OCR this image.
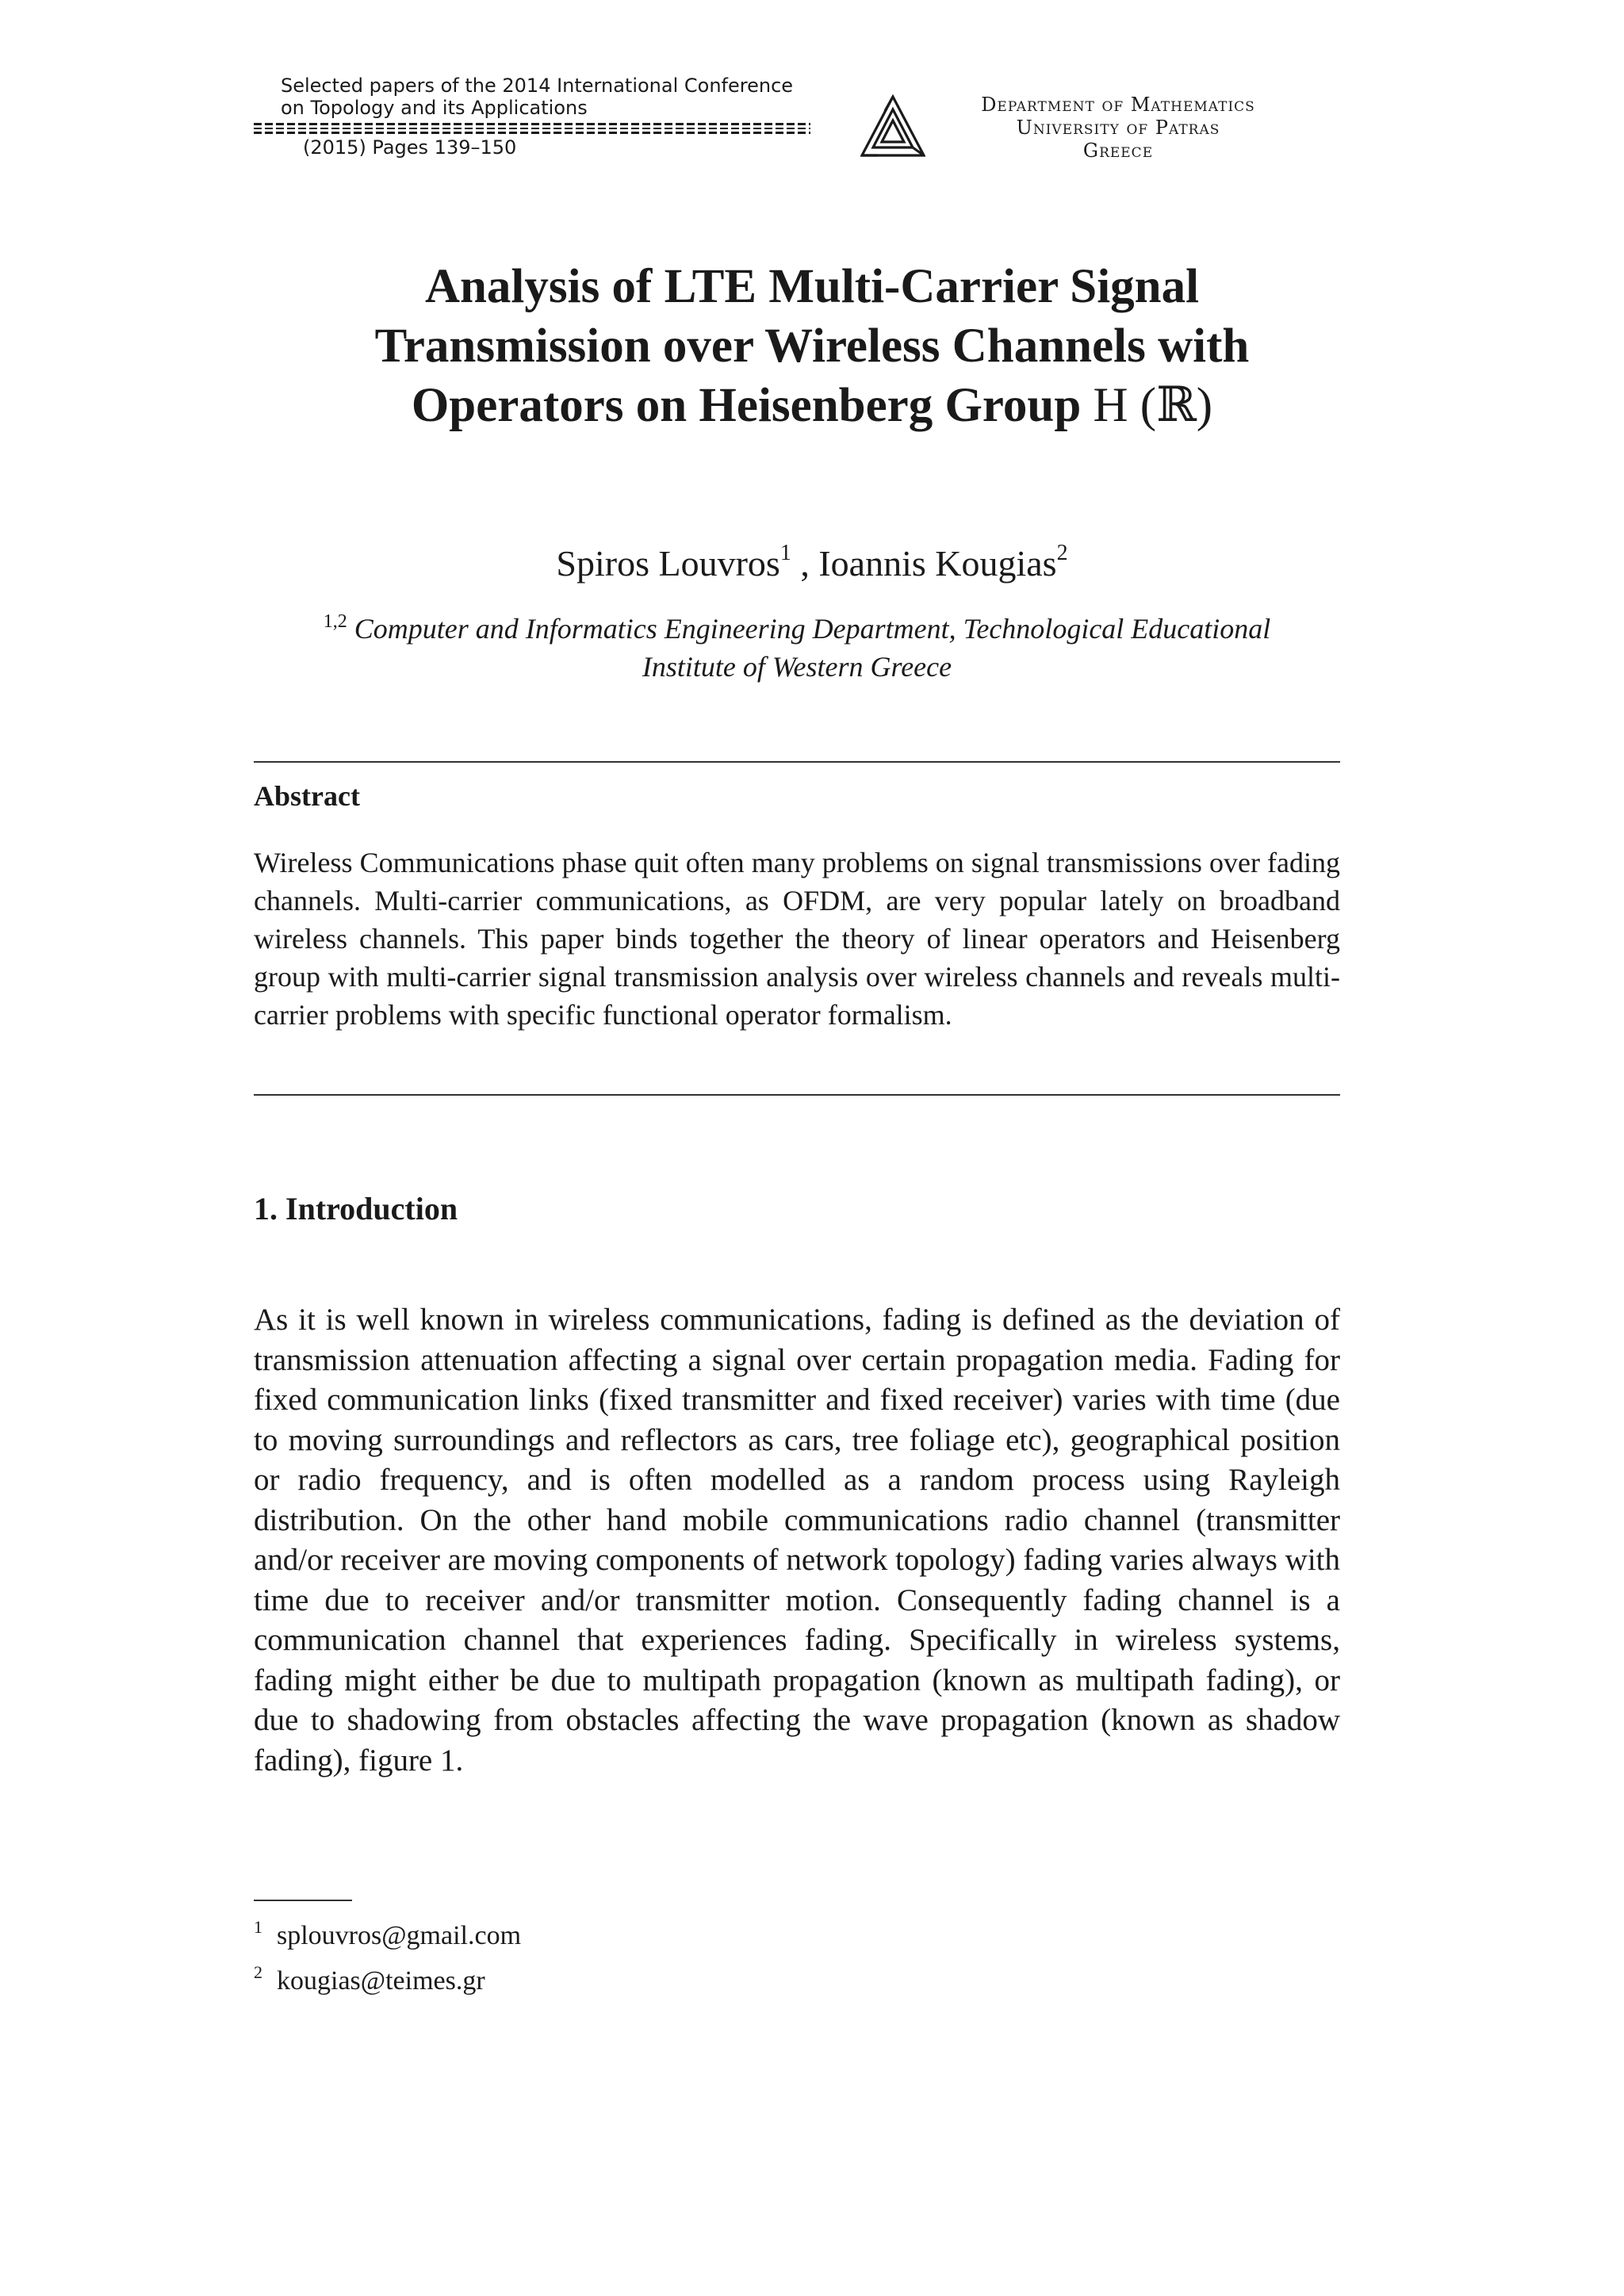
Selected papers of the 2014 International Conference
on Topology and its Applications
(2015) Pages 139–150
Department of Mathematics
University of Patras
Greece
Analysis of LTE Multi-Carrier Signal
Transmission over Wireless Channels with
Operators on Heisenberg Group H (ℝ)
Spiros Louvros$^1$ , Ioannis Kougias$^2$
$^{1,2}$ Computer and Informatics Engineering Department, Technological Educational
Institute of Western Greece
Abstract
Wireless Communications phase quit often many problems on signal transmissions over fading channels. Multi-carrier communications, as OFDM, are very popular lately on broadband wireless channels. This paper binds together the theory of linear operators and Heisenberg group with multi-carrier signal transmission analysis over wireless channels and reveals multi-carrier problems with specific functional operator formalism.
1. Introduction
As it is well known in wireless communications, fading is defined as the deviation of transmission attenuation affecting a signal over certain propagation media. Fading for fixed communication links (fixed transmitter and fixed receiver) varies with time (due to moving surroundings and reflectors as cars, tree foliage etc), geographical position or radio frequency, and is often modelled as a random process using Rayleigh distribution. On the other hand mobile communications radio channel (transmitter and/or receiver are moving components of network topology) fading varies always with time due to receiver and/or transmitter motion. Consequently fading channel is a communication channel that experiences fading. Specifically in wireless systems, fading might either be due to multipath propagation (known as multipath fading), or due to shadowing from obstacles affecting the wave propagation (known as shadow fading), figure 1.
$^1$ splouvros@gmail.com
$^2$ kougias@teimes.gr
